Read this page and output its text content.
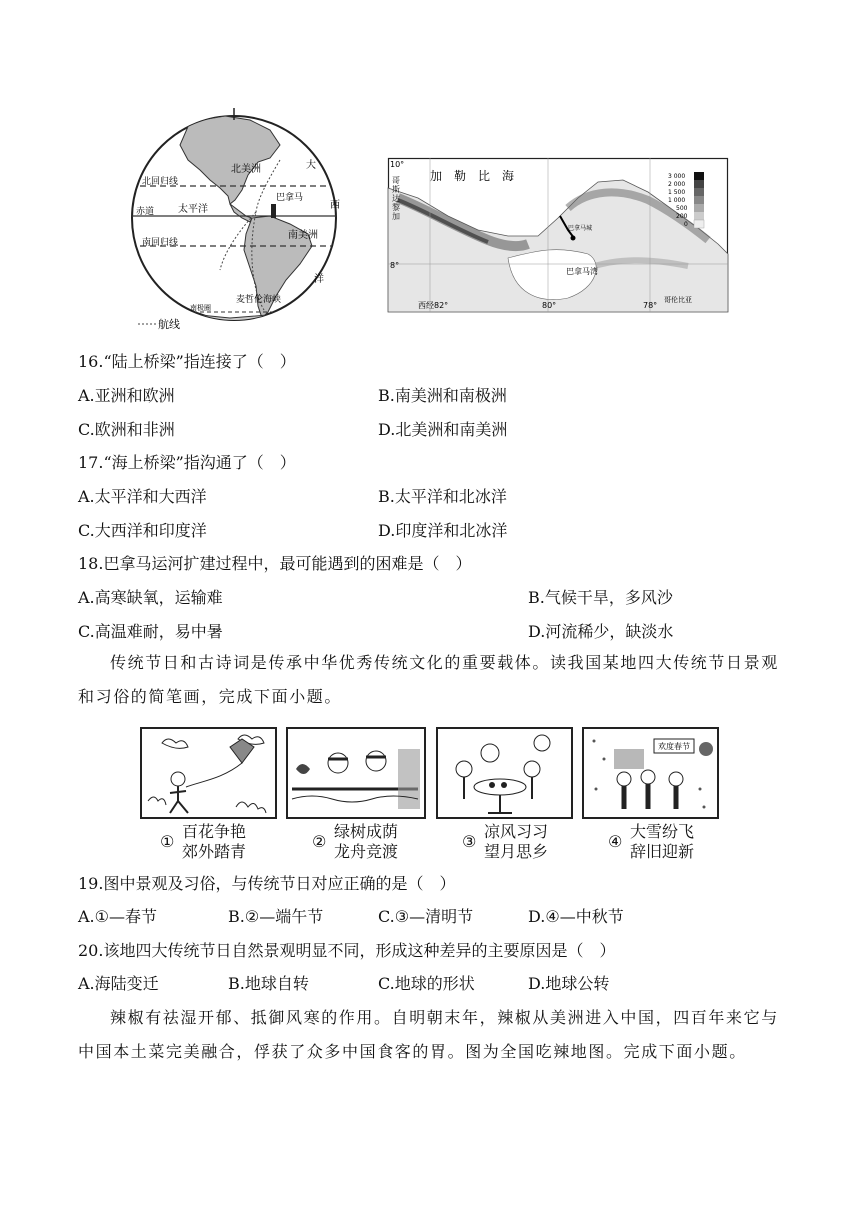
北美洲	大
西
洋
北回归线
太平洋
赤道
巴拿马
南美洲
南回归线
麦哲伦海峡
南极圈
航线
3 000
2 000
1 500
1 000
500
200
0
10°
8°
加　勒　比　海
巴拿马城
巴拿马湾
哥伦比亚
西经82°	80°	78°
哥斯达黎加
16.“陆上桥梁”指连接了（　）
A.亚洲和欧洲	B.南美洲和南极洲
C.欧洲和非洲	D.北美洲和南美洲
17.“海上桥梁”指沟通了（　）
A.太平洋和大西洋	B.太平洋和北冰洋
C.大西洋和印度洋	D.印度洋和北冰洋
18.巴拿马运河扩建过程中，最可能遇到的困难是（　）
A.高寒缺氧，运输难	B.气候干旱，多风沙
C.高温难耐，易中暑	D.河流稀少，缺淡水
传统节日和古诗词是传承中华优秀传统文化的重要载体。读我国某地四大传统节日景观和习俗的简笔画，完成下面小题。
欢度春节
①
百花争艳
郊外踏青
②
绿树成荫
龙舟竞渡
③
凉风习习
望月思乡
④
大雪纷飞
辞旧迎新
19.图中景观及习俗，与传统节日对应正确的是（　）
A.①—春节	B.②—端午节	C.③—清明节	D.④—中秋节
20.该地四大传统节日自然景观明显不同，形成这种差异的主要原因是（　）
A.海陆变迁	B.地球自转	C.地球的形状	D.地球公转
辣椒有祛湿开郁、抵御风寒的作用。自明朝末年，辣椒从美洲进入中国，四百年来它与中国本土菜完美融合，俘获了众多中国食客的胃。图为全国吃辣地图。完成下面小题。
